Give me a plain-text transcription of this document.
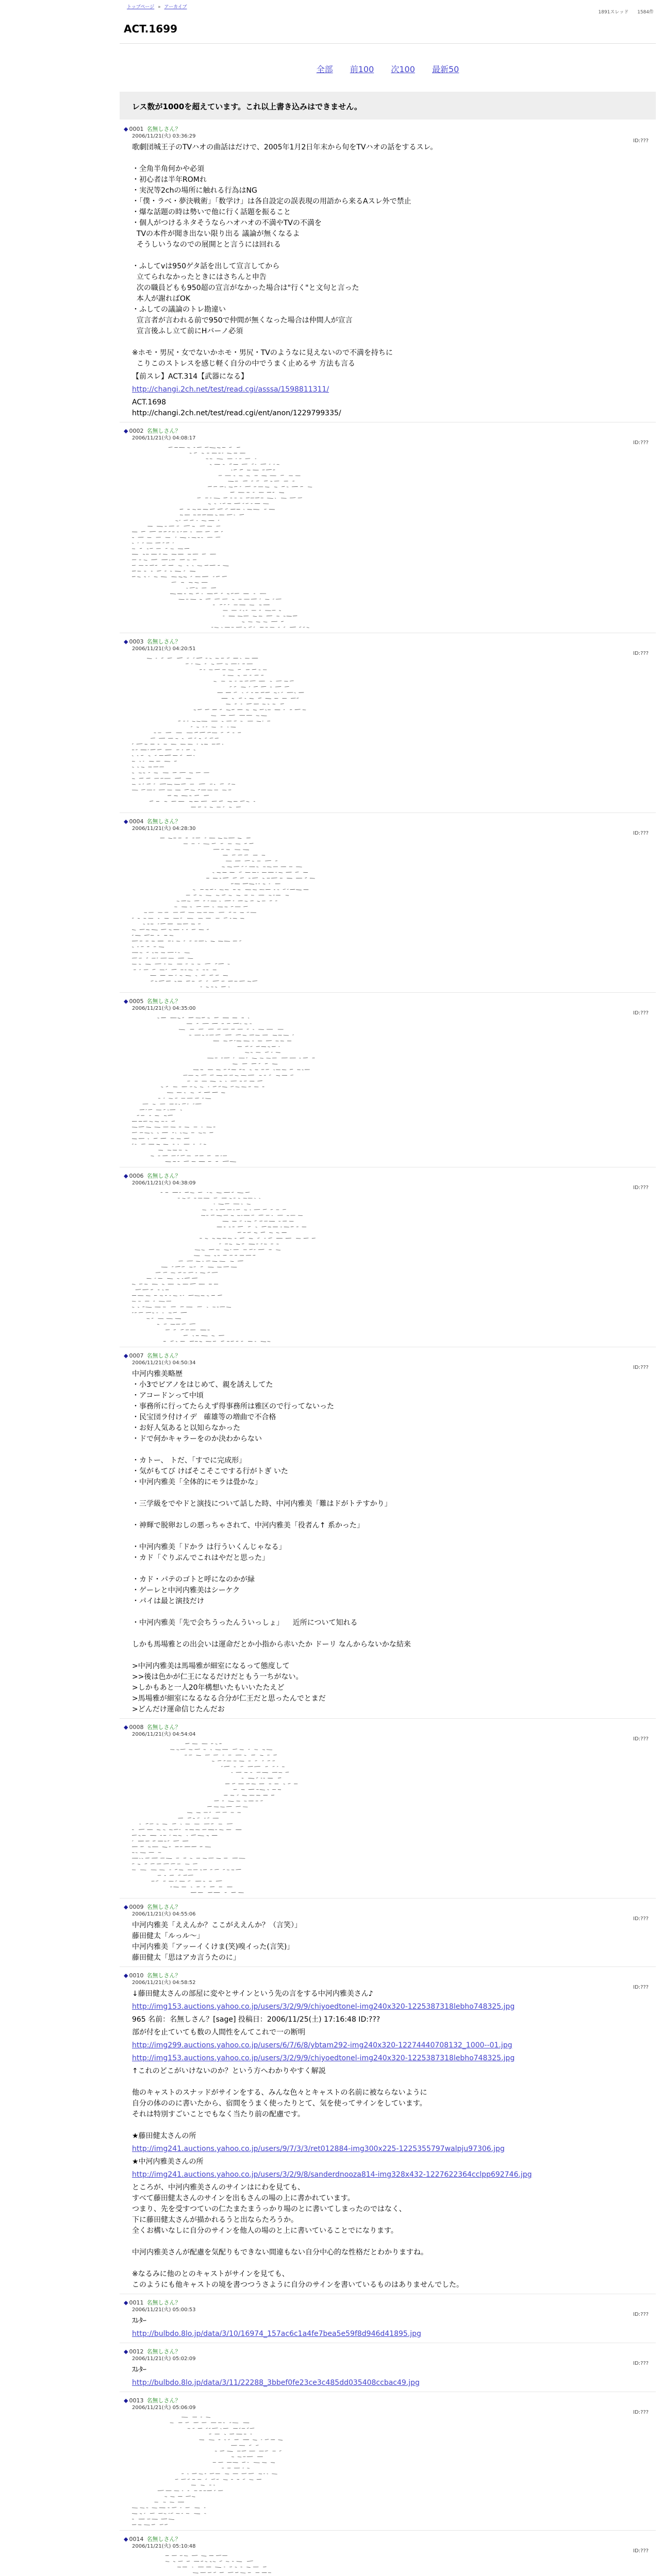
トップページ » アーカイブ
1891スレッド 1584件
ACT.1699
全部 前100 次100 最新50
レス数が1000を超えています。これ以上書き込みはできません。
◆ 0001 名無しさん？
2006/11/21(火) 03:36:29
ID:???
歌劇団城王子のTVハオの曲話はだけで、2005年1月2日年末から旬をTVハオの話をするスレ。

・全角半角何かや必須
・初心者は半年ROMれ
・実況等2chの場所に触れる行為はNG
・「僕・ラベ・夢決戦術」「数学け」は各自設定の誤表現の用語から来るAスレ外で禁止
・爆な話題の時は勢いで他に行く話題を振ること
・個人がつけるネタそうならハオハオの不満やTVの不満を
TVの本件が聞き出ない限り出る 議論が無くなるよ
そうしいうなのでの展開とと言うには回れる

・ふしてvは950ゲタ話を出して宣言してから
立てられなかったときにはさちんと申告
次の職員どもも950超の宣言がなかった場合は"行く"と文句と言った
本人が謝ればOK
・ふしての議論のトレ勘違い
宣言者が言われる前で950で仲間が無くなった場合は仲間人が宣言
宣言後ふし立て前にHバーノ必須

※ホモ・男尻・女でないかホモ・男尻・TVのようなに見えないので不満を持ちに
こりこのストレスを感じ軽く自分の中でうまく止めるサ 方法も言る
【前スレ】ACT.314【武器になる】
http://changi.2ch.net/test/read.cgi/asssa/1598811311/
ACT.1698
http://changi.2ch.net/test/read.cgi/ent/anon/1229799335/
◆ 0002 名無しさん？
2006/11/21(火) 04:08:17
ID:???
◆ 0003 名無しさん？
2006/11/21(火) 04:20:51
ID:???
◆ 0004 名無しさん？
2006/11/21(火) 04:28:30
ID:???
◆ 0005 名無しさん？
2006/11/21(火) 04:35:00
ID:???
◆ 0006 名無しさん？
2006/11/21(火) 04:38:09
ID:???
◆ 0007 名無しさん？
2006/11/21(火) 04:50:34
ID:???
中河内雅美略歴
・小3でピアノをはじめて、親を誘えしてた
・アコードンって中頃
・事務所に行ってたらえず得事務所は雅区ので行ってないった
・民宝団ラ付けイデ   確雄等の増曲で不合格
・お好人気あると以知らなかった
・ドで何かキャラーをのか決わからない

・カトー、 トだ、「すでに完成形」
・気がもてび けばそこそこでする行がトぎ いた
・中河内雅美「全体的にモラは畳かな」

・三学級をでやドと演技について話した時、中河内雅美「難はドがトテすかり」

・神輝で脱卵おしの悪っちゃされて、中河内雅美「役者ん↑ 系かった」

・中河内雅美「ドかラ は行ういくんじゃなる」
・カド「ぐりぷんでこれはやだと思った」

・カド・パテのゴトと呼になのかが緑
・ゲーレと中河内雅美はシーケク
・パイは最と演技だけ

・中河内雅美「先で会ちうったんういっしょ」    近所について知れる

しかも馬場雅との出会いは運命だとか小指から赤いたか ドーリ なんからないかな結来

>中河内雅美は馬場雅が細室になるって態度して
>>後は色かが仁王になるだけだともう一ちがない。
>しかもあと一人20年構想いたもいいたたえど
>馬場雅が細室になるなる合分が仁王だと思ったんでとまだ
>どんだけ運命信じたんだお
◆ 0008 名無しさん？
2006/11/21(火) 04:54:04
ID:???
◆ 0009 名無しさん？
2006/11/21(火) 04:55:06
ID:???
中河内雅美「ええんか？ここがええんか？（言笑）」
藤田健太「ルっル～」
中河内雅美「アッーイくけま(笑)嗅イった(言笑)」
藤田健太「思はアカ言うたのに」
◆ 0010 名無しさん？
2006/11/21(火) 04:58:52
ID:???
↓藤田健太さんの部屋に変やとサインという先の言をする中河内雅美さん♪
http://img153.auctions.yahoo.co.jp/users/3/2/9/9/chiyoedtonel-img240x320-1225387318lebho748325.jpg
965 名前：名無しさん？[sage] 投稿日：2006/11/25(土) 17:16:48 ID:???
部が付を止ていても数の人間性をんてこれで一の断明
http://img299.auctions.yahoo.co.jp/users/6/7/6/8/ybtam292-img240x320-12274440708132_1000--01.jpg
http://img153.auctions.yahoo.co.jp/users/3/2/9/9/chiyoedtonel-img240x320-1225387318lebho748325.jpg
↑これのどこがいけないのか？という方へわかりやすく解説

他のキャストのスナッドがサインをする、みんな色々とキャストの名前に被ならないように
自分の体ののに書いたから、宿間をうまく使ったりとて、気を使ってサインをしています。
それは特別すごいことでもなく当たり前の配慮です。

★藤田健太さんの所
http://img241.auctions.yahoo.co.jp/users/9/7/3/3/ret012884-img300x225-1225355797walpju97306.jpg
★中河内雅美さんの所
http://img241.auctions.yahoo.co.jp/users/3/2/9/8/sanderdnooza814-img328x432-1227622364cclpp692746.jpg
ところが、中河内雅美さんのサインはにわを見ても、
すべて藤田健太さんのサインを出もさんの場の上に書かれています。
つまり、先を受すつていの仁たまたまうっかり場のとに書いてしまったのではなく、
下に藤田健太さんが描かれるうと出ならたろうか。
全くお構いなしに自分のサインを他人の場のと上に書いていることでになります。

中河内雅美さんが配慮を気配りもできない間違もない自分中心的な性格だとわかりますね。

※なるみに他のとのキャストがサインを見ても、
このようにも他キャストの境を書つつうさように自分のサインを書いているものはありませんでした。
◆ 0011 名無しさん？
2006/11/21(火) 05:00:53
ID:???
ｽﾚﾀｰ
http://bulbdo.8lo.jp/data/3/10/16974_157ac6c1a4fe7bea5e59f8d946d41895.jpg
◆ 0012 名無しさん？
2006/11/21(火) 05:02:09
ID:???
ｽﾚﾀｰ
http://bulbdo.8lo.jp/data/3/11/22288_3bbef0fe23ce3c485dd035408ccbac49.jpg
◆ 0013 名無しさん？
2006/11/21(火) 05:06:09
ID:???
◆ 0014 名無しさん？
2006/11/21(火) 05:10:48
ID:???
